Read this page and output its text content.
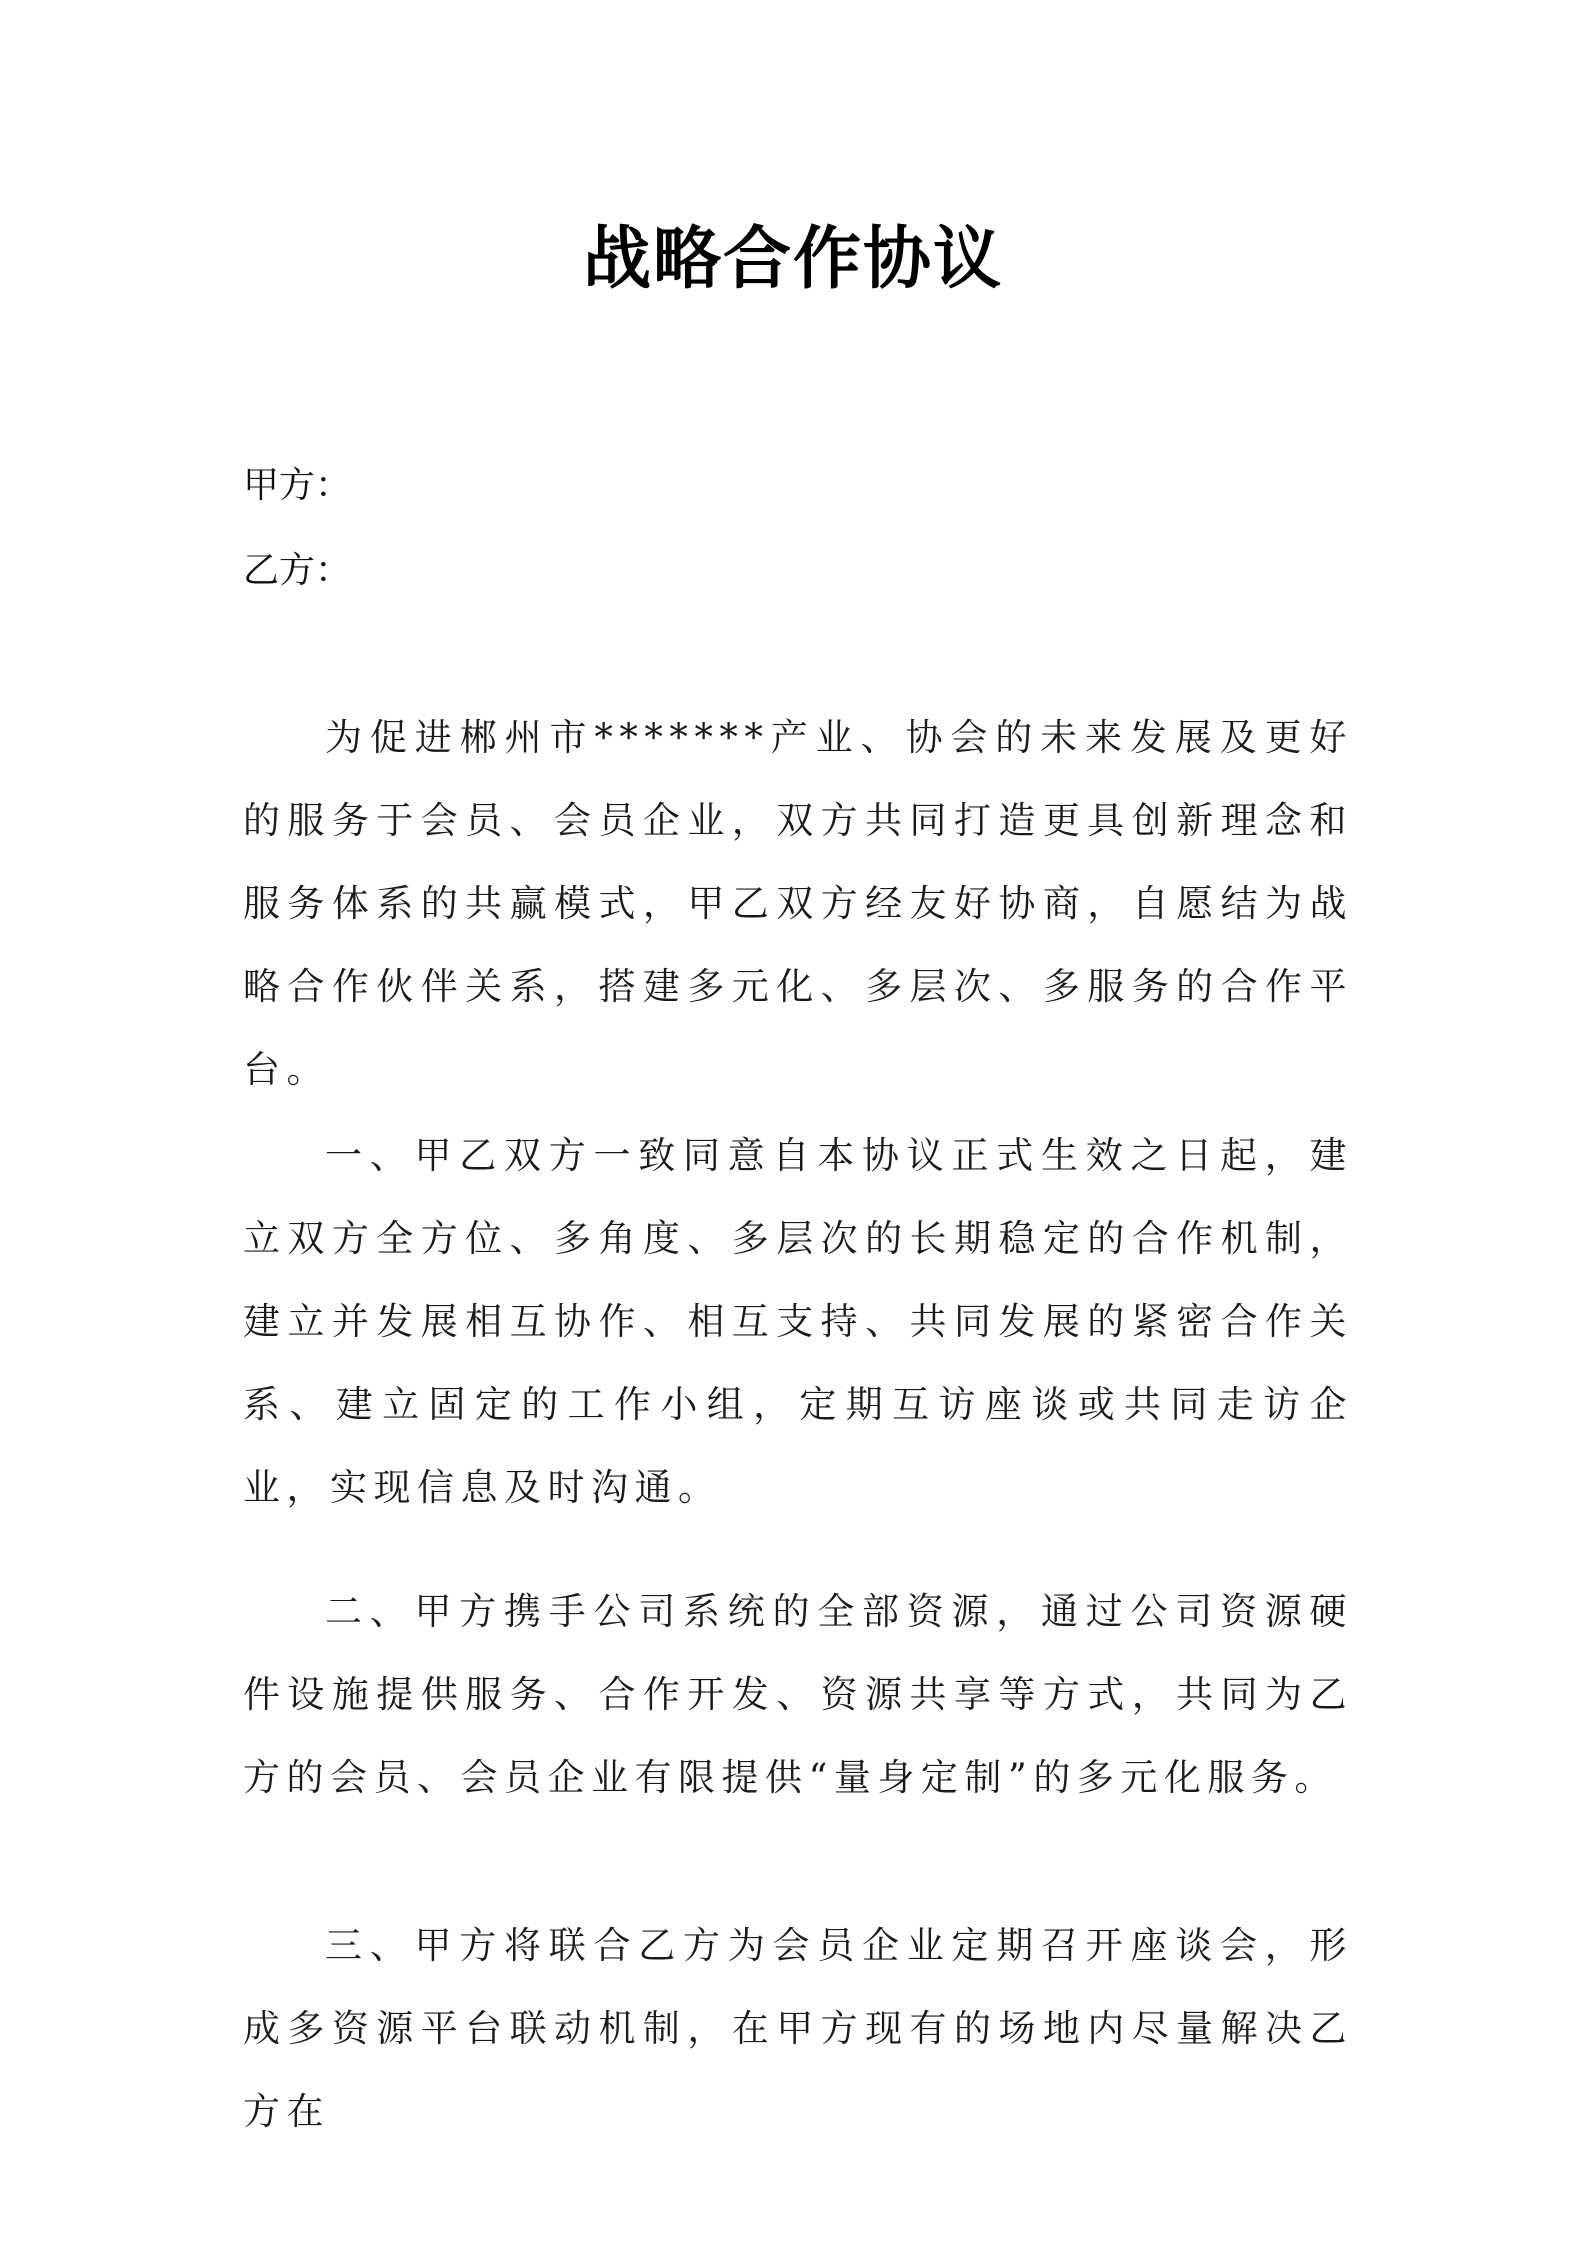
战略合作协议
甲方：
乙方：

为促进郴州市*******产业、协会的未来发展及更好的服务于会员、会员企业，双方共同打造更具创新理念和服务体系的共赢模式，甲乙双方经友好协商，自愿结为战略合作伙伴关系，搭建多元化、多层次、多服务的合作平台。

一、甲乙双方一致同意自本协议正式生效之日起，建立双方全方位、多角度、多层次的长期稳定的合作机制，建立并发展相互协作、相互支持、共同发展的紧密合作关系、建立固定的工作小组，定期互访座谈或共同走访企业，实现信息及时沟通。

二、甲方携手公司系统的全部资源，通过公司资源硬件设施提供服务、合作开发、资源共享等方式，共同为乙方的会员、会员企业有限提供“量身定制”的多元化服务。

三、甲方将联合乙方为会员企业定期召开座谈会，形成多资源平台联动机制，在甲方现有的场地内尽量解决乙方在
